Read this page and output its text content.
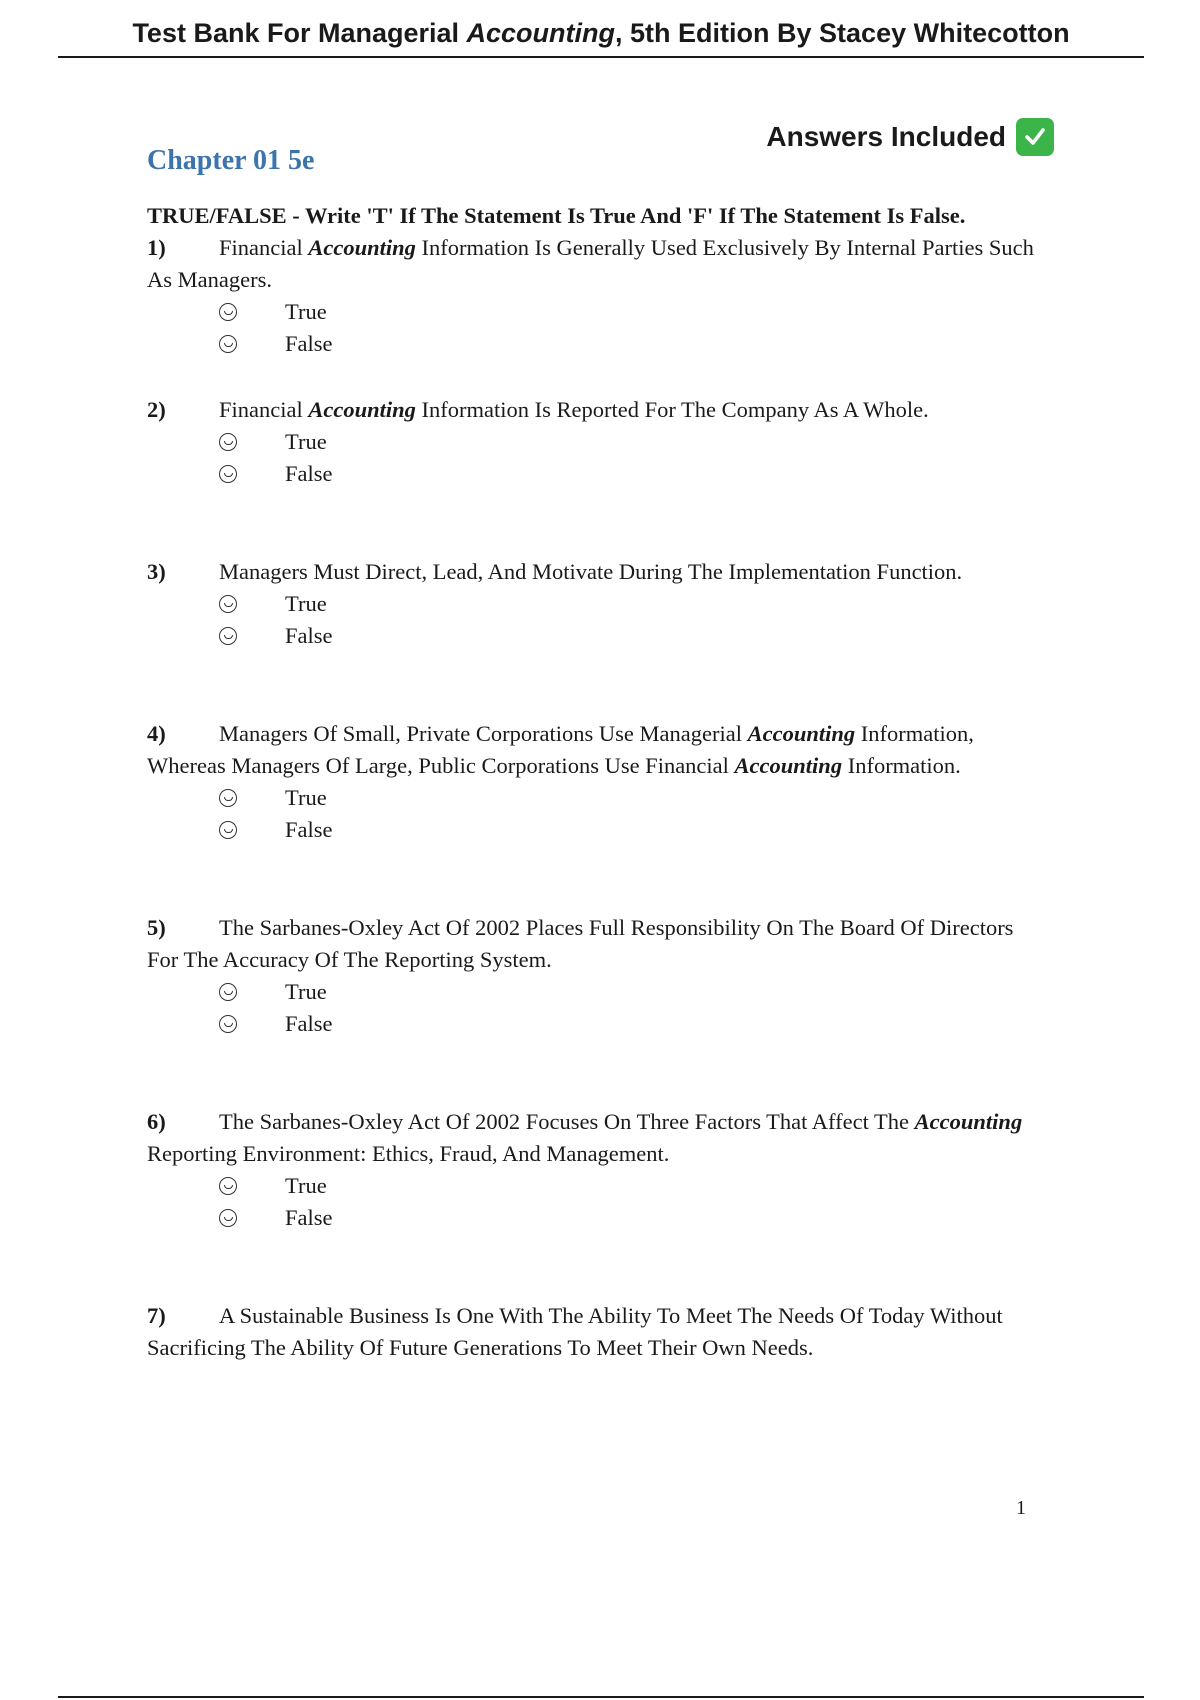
Test Bank For Managerial Accounting, 5th Edition By Stacey Whitecotton
Answers Included
Chapter 01 5e
TRUE/FALSE - Write 'T' If The Statement Is True And 'F' If The Statement Is False.
1) Financial Accounting Information Is Generally Used Exclusively By Internal Parties Such As Managers.
True
False
2) Financial Accounting Information Is Reported For The Company As A Whole.
True
False
3) Managers Must Direct, Lead, And Motivate During The Implementation Function.
True
False
4) Managers Of Small, Private Corporations Use Managerial Accounting Information, Whereas Managers Of Large, Public Corporations Use Financial Accounting Information.
True
False
5) The Sarbanes-Oxley Act Of 2002 Places Full Responsibility On The Board Of Directors For The Accuracy Of The Reporting System.
True
False
6) The Sarbanes-Oxley Act Of 2002 Focuses On Three Factors That Affect The Accounting Reporting Environment: Ethics, Fraud, And Management.
True
False
7) A Sustainable Business Is One With The Ability To Meet The Needs Of Today Without Sacrificing The Ability Of Future Generations To Meet Their Own Needs.
1
